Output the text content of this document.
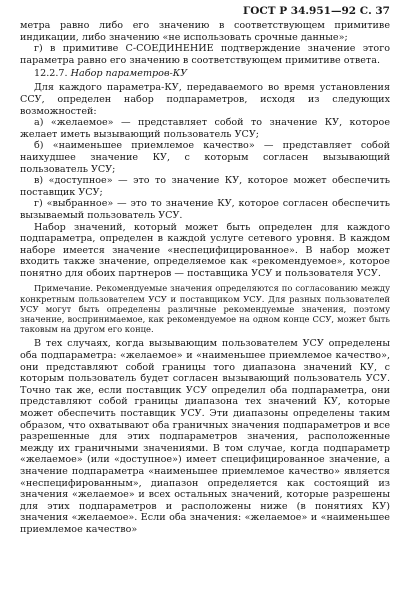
ГОСТ Р 34.951—92 С. 37

метра равно либо его значению в соответствующем примитиве индикации, либо значению «не использовать срочные данные»;

г) в примитиве С-СОЕДИНЕНИЕ подтверждение значение этого параметра равно его значению в соответствующем примитиве ответа.

12.2.7. Набор параметров-КУ

Для каждого параметра-КУ, передаваемого во время установления ССУ, определен набор подпараметров, исходя из следующих возможностей:

а) «желаемое» — представляет собой то значение КУ, которое желает иметь вызывающий пользователь УСУ;

б) «наименьшее приемлемое качество» — представляет собой наихудшее значение КУ, с которым согласен вызывающий пользователь УСУ;

в) «доступное» — это то значение КУ, которое может обеспечить поставщик УСУ;

г) «выбранное» — это то значение КУ, которое согласен обеспечить вызываемый пользователь УСУ.

Набор значений, который может быть определен для каждого подпараметра, определен в каждой услуге сетевого уровня. В каждом наборе имеется значение «неспецифицированное». В набор может входить также значение, определяемое как «рекомендуемое», которое понятно для обоих партнеров — поставщика УСУ и пользователя УСУ.

Примечание. Рекомендуемые значения определяются по согласованию между конкретным пользователем УСУ и поставщиком УСУ. Для разных пользователей УСУ могут быть определены различные рекомендуемые значения, поэтому значение, воспринимаемое, как рекомендуемое на одном конце ССУ, может быть таковым на другом его конце.

В тех случаях, когда вызывающим пользователем УСУ определены оба подпараметра: «желаемое» и «наименьшее приемлемое качество», они представляют собой границы того диапазона значений КУ, с которым пользователь будет согласен вызывающий пользователь УСУ. Точно так же, если поставщик УСУ определил оба подпараметра, они представляют собой границы диапазона тех значений КУ, которые может обеспечить поставщик УСУ. Эти диапазоны определены таким образом, что охватывают оба граничных значения подпараметров и все разрешенные для этих подпараметров значения, расположенные между их граничными значениями. В том случае, когда подпараметр «желаемое» (или «доступное») имеет специфицированное значение, а значение подпараметра «наименьшее приемлемое качество» является «неспецифированным», диапазон определяется как состоящий из значения «желаемое» и всех остальных значений, которые разрешены для этих подпараметров и расположены ниже (в понятиях КУ) значения «желаемое». Если оба значения: «желаемое» и «наименьшее приемлемое качество»
